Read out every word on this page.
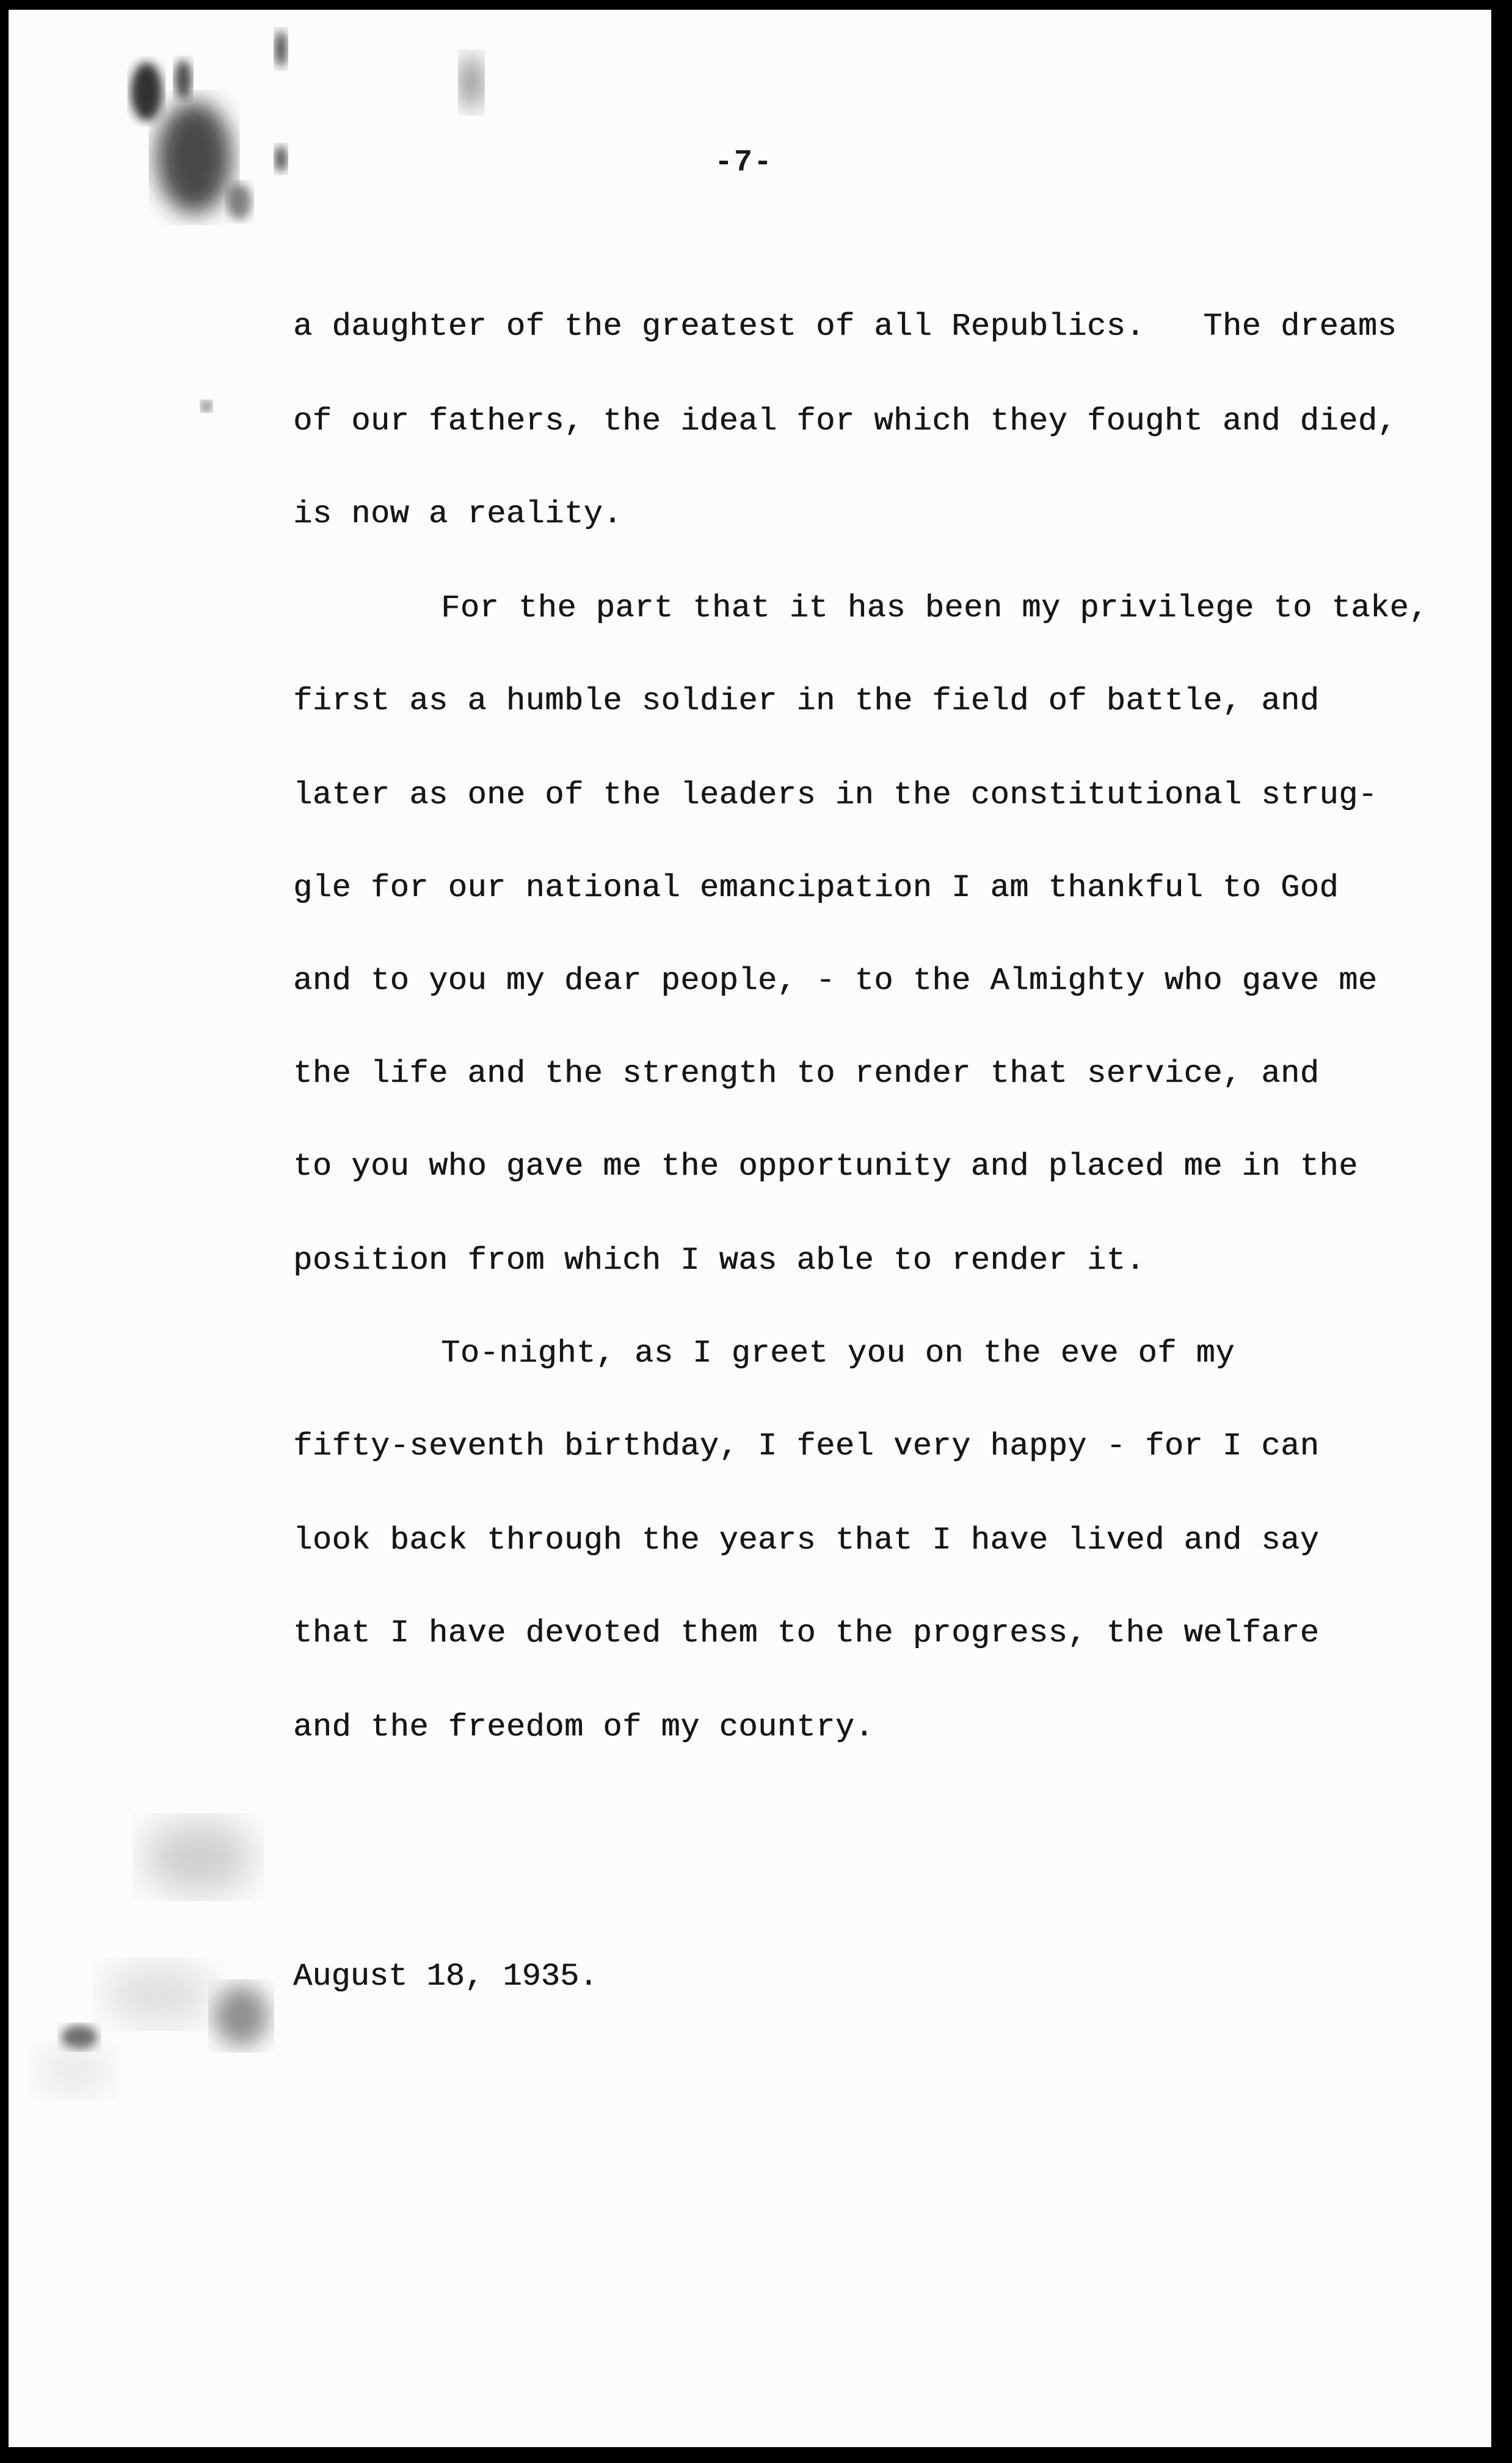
-7-
a daughter of the greatest of all Republics.   The dreams
of our fathers, the ideal for which they fought and died,
is now a reality.
For the part that it has been my privilege to take,
first as a humble soldier in the field of battle, and
later as one of the leaders in the constitutional strug-
gle for our national emancipation I am thankful to God
and to you my dear people, - to the Almighty who gave me
the life and the strength to render that service, and
to you who gave me the opportunity and placed me in the
position from which I was able to render it.
To-night, as I greet you on the eve of my
fifty-seventh birthday, I feel very happy - for I can
look back through the years that I have lived and say
that I have devoted them to the progress, the welfare
and the freedom of my country.
August 18, 1935.
